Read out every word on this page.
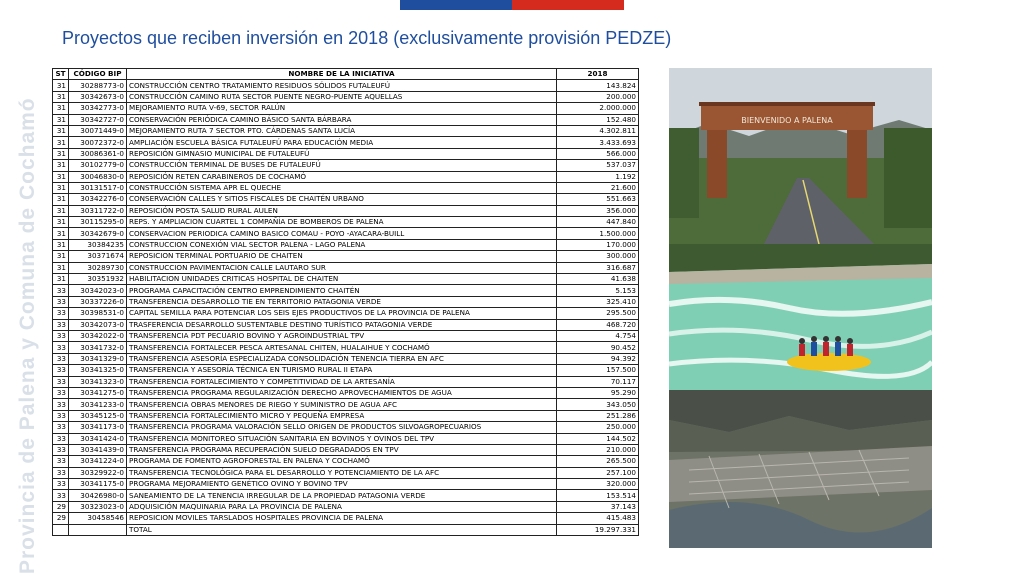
Proyectos que reciben inversión en 2018 (exclusivamente provisión PEDZE)
Provincia de Palena y Comuna de Cochamó
ST	CÓDIGO BIP	NOMBRE DE LA INICIATIVA	2018
31	30288773-0	CONSTRUCCIÓN CENTRO TRATAMIENTO RESIDUOS SÓLIDOS FUTALEUFÚ	143.824
31	30342673-0	CONSTRUCCIÓN CAMINO RUTA SECTOR PUENTE NEGRO-PUENTE AQUELLAS	200.000
31	30342773-0	MEJORAMIENTO RUTA V-69, SECTOR RALÚN	2.000.000
31	30342727-0	CONSERVACIÓN PERIÓDICA CAMINO BÁSICO SANTA BÁRBARA	152.480
31	30071449-0	MEJORAMIENTO RUTA 7 SECTOR PTO. CÁRDENAS SANTA LUCÍA	4.302.811
31	30072372-0	AMPLIACIÓN ESCUELA BÁSICA FUTALEUFÚ PARA EDUCACIÓN MEDIA	3.433.693
31	30086361-0	REPOSICIÓN GIMNASIO MUNICIPAL DE FUTALEUFÚ	566.000
31	30102779-0	CONSTRUCCIÓN TERMINAL DE BUSES DE FUTALEUFÚ	537.037
31	30046830-0	REPOSICIÓN RETEN CARABINEROS DE COCHAMÓ	1.192
31	30131517-0	CONSTRUCCIÓN SISTEMA APR EL QUECHE	21.600
31	30342276-0	CONSERVACIÓN CALLES Y SITIOS FISCALES DE CHAITÉN URBANO	551.663
31	30311722-0	REPOSICIÓN POSTA SALUD RURAL AULEN	356.000
31	30115295-0	REPS. Y AMPLIACION CUARTEL 1 COMPAÑÍA DE BOMBEROS DE PALENA	447.840
31	30342679-0	CONSERVACION PERIODICA CAMINO BASICO COMAU - POYO -AYACARA-BUILL	1.500.000
31	30384235	CONSTRUCCION CONEXIÓN VIAL SECTOR PALENA - LAGO PALENA	170.000
31	30371674	REPOSICION TERMINAL PORTUARIO DE CHAITEN	300.000
31	30289730	CONSTRUCCION PAVIMENTACION CALLE LAUTARO SUR	316.687
31	30351932	HABILITACION UNIDADES CRITICAS HOSPITAL DE CHAITEN	41.638
33	30342023-0	PROGRAMA CAPACITACIÓN CENTRO EMPRENDIMIENTO CHAITÉN	5.153
33	30337226-0	TRANSFERENCIA DESARROLLO TIE EN TERRITORIO PATAGONIA VERDE	325.410
33	30398531-0	CAPITAL SEMILLA PARA POTENCIAR LOS SEIS EJES PRODUCTIVOS DE LA PROVINCIA DE PALENA	295.500
33	30342073-0	TRASFERENCIA DESARROLLO SUSTENTABLE DESTINO TURÍSTICO PATAGONIA VERDE	468.720
33	30342022-0	TRANSFERENCIA PDT PECUARIO BOVINO Y AGROINDUSTRIAL TPV	4.754
33	30341732-0	TRANSFERENCIA FORTALECER PESCA ARTESANAL CHITEN, HUALAIHUE Y COCHAMÓ	90.452
33	30341329-0	TRANSFERENCIA ASESORÍA ESPECIALIZADA CONSOLIDACIÓN TENENCIA TIERRA EN AFC	94.392
33	30341325-0	TRANSFERENCIA Y ASESORÍA TÉCNICA EN TURISMO RURAL II ETAPA	157.500
33	30341323-0	TRANSFERENCIA FORTALECIMIENTO Y COMPETITIVIDAD DE LA ARTESANÍA	70.117
33	30341275-0	TRANSFERENCIA PROGRAMA REGULARIZACIÓN DERECHO APROVECHAMIENTOS DE AGUA	95.290
33	30341233-0	TRANSFERENCIA OBRAS MENORES DE RIEGO Y SUMINISTRO DE AGUA AFC	343.050
33	30345125-0	TRANSFERENCIA FORTALECIMIENTO MICRO Y PEQUEÑA EMPRESA	251.286
33	30341173-0	TRANSFERENCIA PROGRAMA VALORACIÓN SELLO ORIGEN DE PRODUCTOS SILVOAGROPECUARIOS	250.000
33	30341424-0	TRANSFERENCIA MONITOREO SITUACIÓN SANITARIA EN BOVINOS Y OVINOS DEL TPV	144.502
33	30341439-0	TRANSFERENCIA PROGRAMA RECUPERACIÓN SUELO DEGRADADOS EN TPV	210.000
33	30341224-0	PROGRAMA DE FOMENTO AGROFORESTAL EN PALENA Y COCHAMÓ	265.500
33	30329922-0	TRANSFERENCIA TECNOLÓGICA PARA EL DESARROLLO Y POTENCIAMIENTO DE LA AFC	257.100
33	30341175-0	PROGRAMA MEJORAMIENTO GENÉTICO OVINO Y BOVINO TPV	320.000
33	30426980-0	SANEAMIENTO DE LA TENENCIA IRREGULAR DE LA PROPIEDAD PATAGONIA VERDE	153.514
29	30323023-0	ADQUISICIÓN MAQUINARIA PARA LA PROVINCIA DE PALENA	37.143
29	30458546	REPOSICION MOVILES TARSLADOS HOSPITALES PROVINCIA DE PALENA	415.483
		TOTAL	19.297.331
BIENVENIDO A PALENA
